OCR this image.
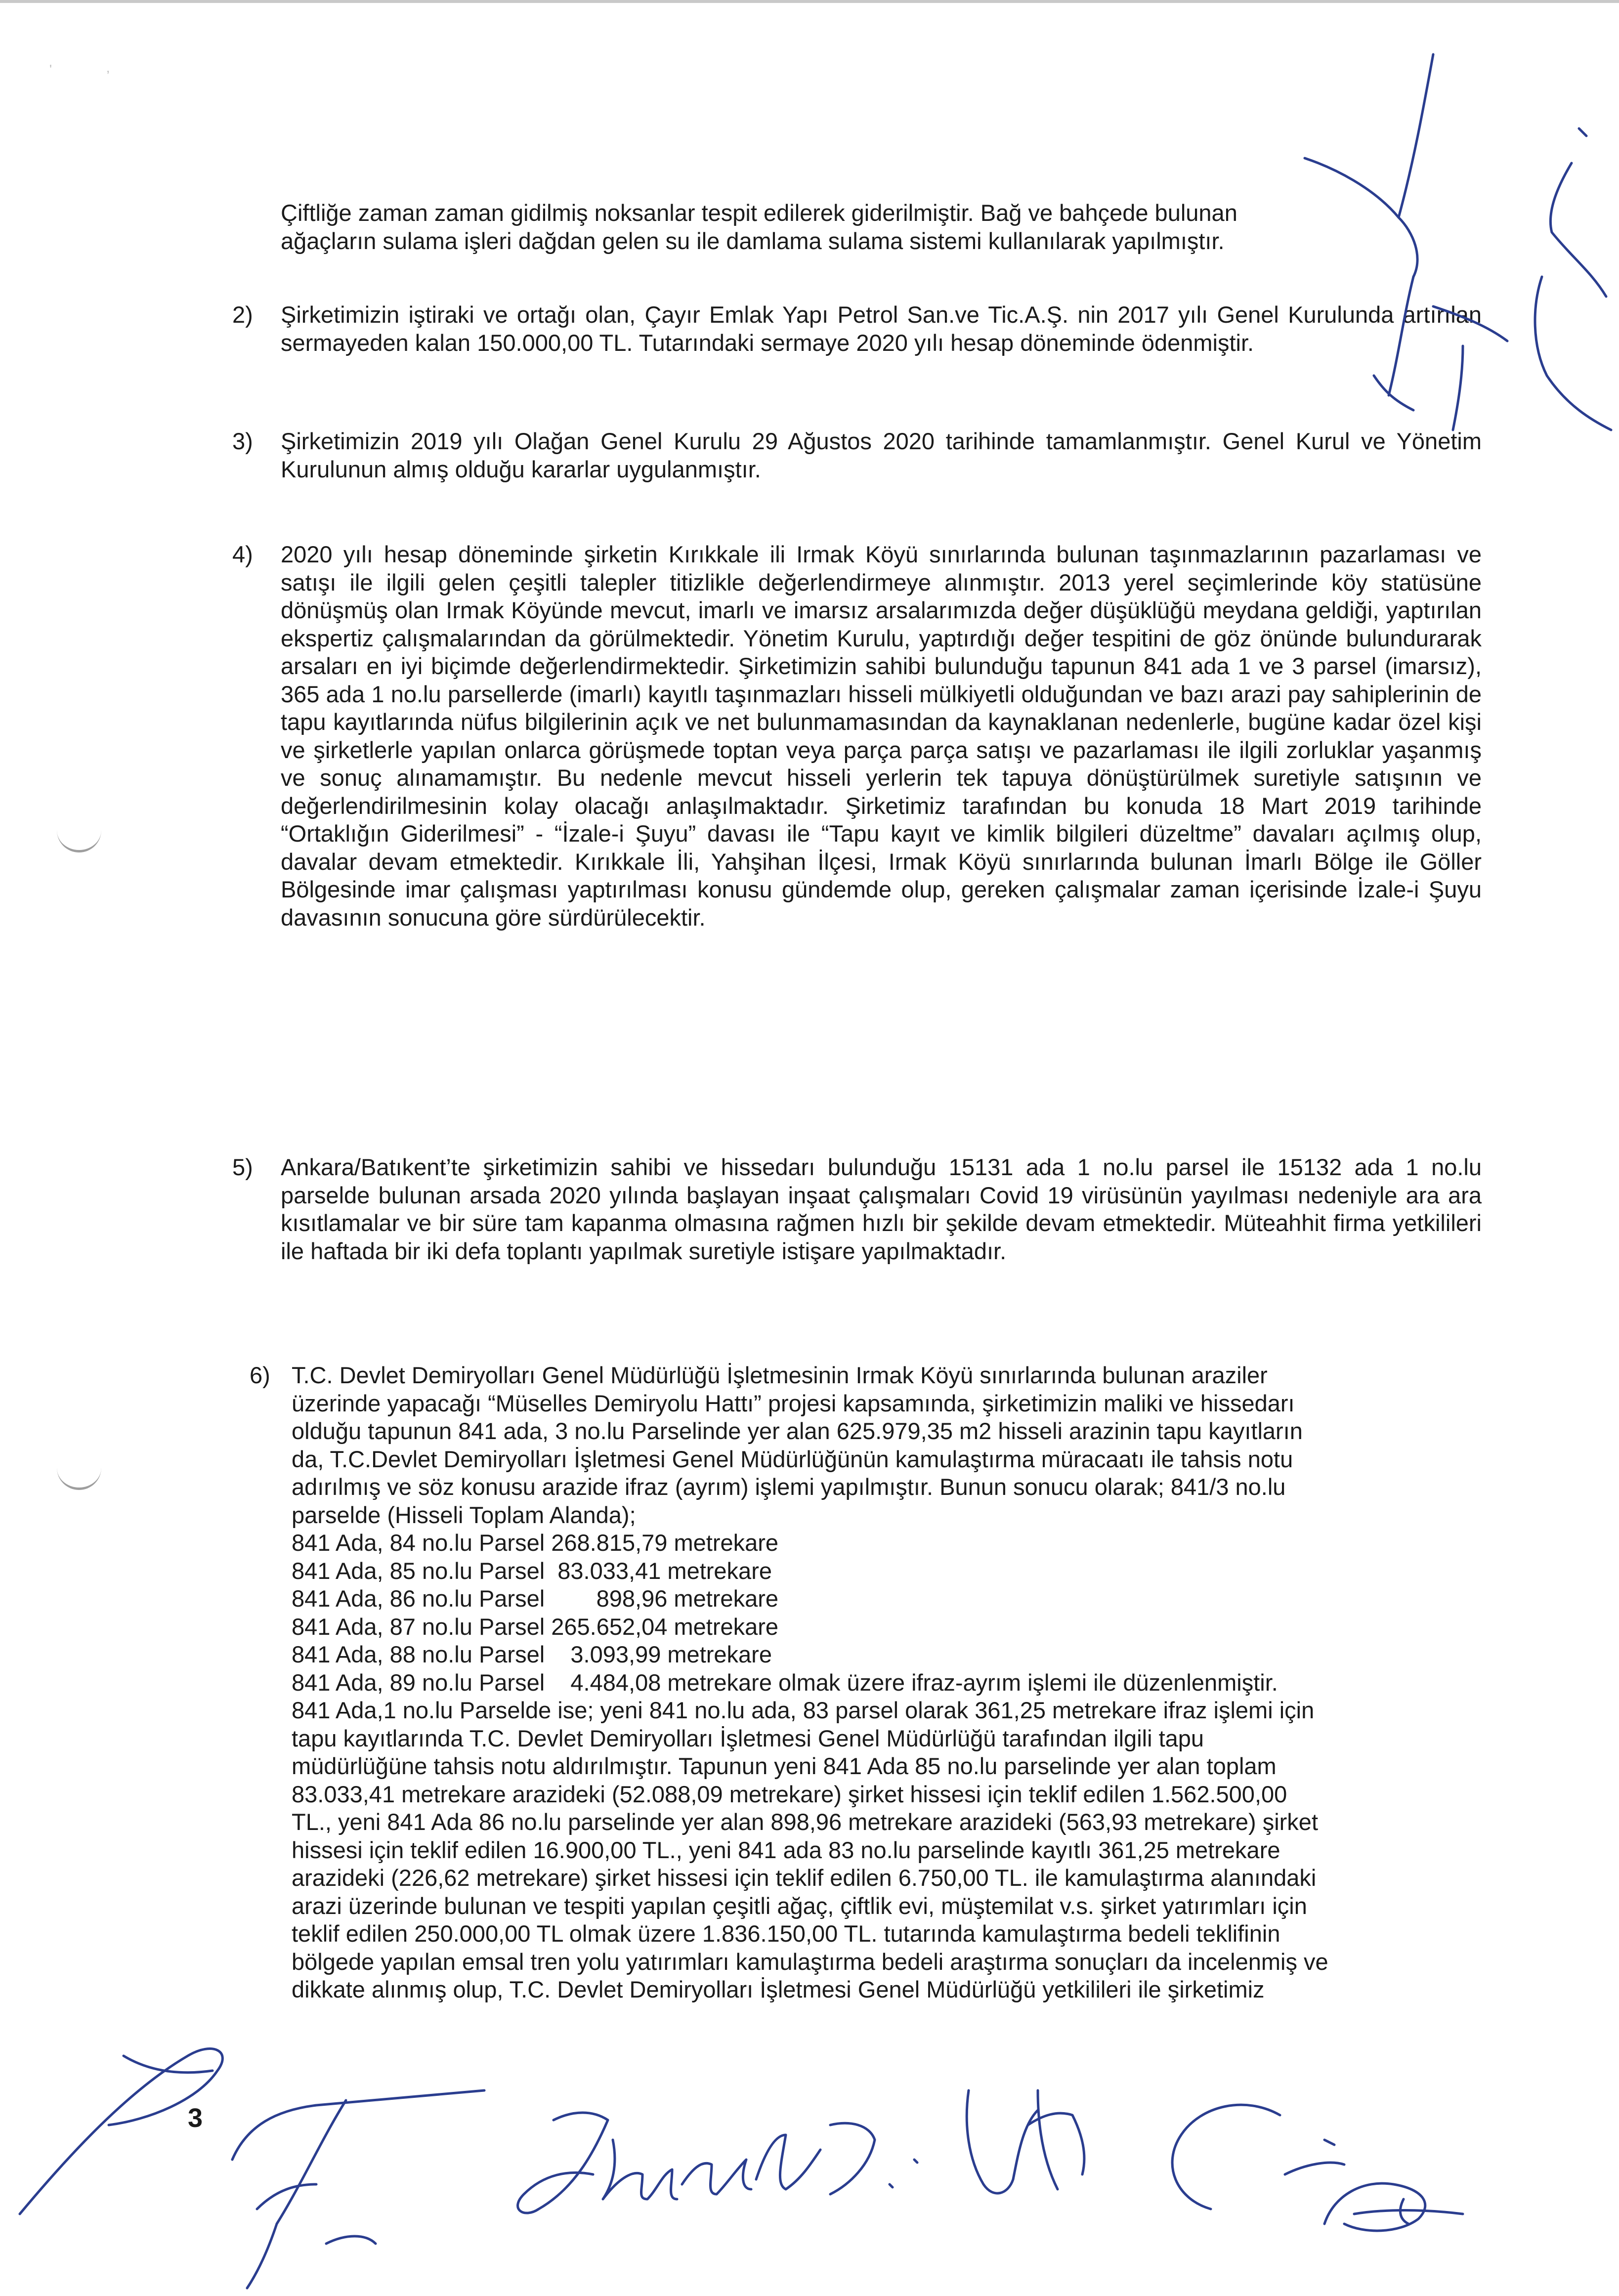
'	,
Çiftliğe zaman zaman gidilmiş noksanlar tespit edilerek giderilmiştir. Bağ ve bahçede bulunan
ağaçların sulama işleri dağdan gelen su ile damlama sulama sistemi kullanılarak yapılmıştır.
2) Şirketimizin iştiraki ve ortağı olan, Çayır Emlak Yapı Petrol San.ve Tic.A.Ş. nin 2017 yılı Genel Kurulunda artırılan sermayeden kalan 150.000,00 TL. Tutarındaki sermaye 2020 yılı hesap döneminde ödenmiştir.
3) Şirketimizin 2019 yılı Olağan Genel Kurulu 29 Ağustos 2020 tarihinde tamamlanmıştır. Genel Kurul ve Yönetim Kurulunun almış olduğu kararlar uygulanmıştır.
4) 2020 yılı hesap döneminde şirketin Kırıkkale ili Irmak Köyü sınırlarında bulunan taşınmazlarının pazarlaması ve satışı ile ilgili gelen çeşitli talepler titizlikle değerlendirmeye alınmıştır. 2013 yerel seçimlerinde köy statüsüne dönüşmüş olan Irmak Köyünde mevcut, imarlı ve imarsız arsalarımızda değer düşüklüğü meydana geldiği, yaptırılan ekspertiz çalışmalarından da görülmektedir. Yönetim Kurulu, yaptırdığı değer tespitini de göz önünde bulundurarak arsaları en iyi biçimde değerlendirmektedir. Şirketimizin sahibi bulunduğu tapunun 841 ada 1 ve 3 parsel (imarsız), 365 ada 1 no.lu parsellerde (imarlı) kayıtlı taşınmazları hisseli mülkiyetli olduğundan ve bazı arazi pay sahiplerinin de tapu kayıtlarında nüfus bilgilerinin açık ve net bulunmamasından da kaynaklanan nedenlerle, bugüne kadar özel kişi ve şirketlerle yapılan onlarca görüşmede toptan veya parça parça satışı ve pazarlaması ile ilgili zorluklar yaşanmış ve sonuç alınamamıştır. Bu nedenle mevcut hisseli yerlerin tek tapuya dönüştürülmek suretiyle satışının ve değerlendirilmesinin kolay olacağı anlaşılmaktadır. Şirketimiz tarafından bu konuda 18 Mart 2019 tarihinde “Ortaklığın Giderilmesi” - “İzale-i Şuyu” davası ile “Tapu kayıt ve kimlik bilgileri düzeltme” davaları açılmış olup, davalar devam etmektedir. Kırıkkale İli, Yahşihan İlçesi, Irmak Köyü sınırlarında bulunan İmarlı Bölge ile Göller Bölgesinde imar çalışması yaptırılması konusu gündemde olup, gereken çalışmalar zaman içerisinde İzale-i Şuyu davasının sonucuna göre sürdürülecektir.
5) Ankara/Batıkent’te şirketimizin sahibi ve hissedarı bulunduğu 15131 ada 1 no.lu parsel ile 15132 ada 1 no.lu parselde bulunan arsada 2020 yılında başlayan inşaat çalışmaları Covid 19 virüsünün yayılması nedeniyle ara ara kısıtlamalar ve bir süre tam kapanma olmasına rağmen hızlı bir şekilde devam etmektedir. Müteahhit firma yetkilileri ile haftada bir iki defa toplantı yapılmak suretiyle istişare yapılmaktadır.
6) T.C. Devlet Demiryolları Genel Müdürlüğü İşletmesinin Irmak Köyü sınırlarında bulunan araziler
üzerinde yapacağı “Müselles Demiryolu Hattı” projesi kapsamında, şirketimizin maliki ve hissedarı
olduğu tapunun 841 ada, 3 no.lu Parselinde yer alan 625.979,35 m2 hisseli arazinin tapu kayıtların
da, T.C.Devlet Demiryolları İşletmesi Genel Müdürlüğünün kamulaştırma müracaatı ile tahsis notu
adırılmış ve söz konusu arazide ifraz (ayrım) işlemi yapılmıştır. Bunun sonucu olarak; 841/3 no.lu
parselde (Hisseli Toplam Alanda);
841 Ada, 84 no.lu Parsel 268.815,79 metrekare
841 Ada, 85 no.lu Parsel  83.033,41 metrekare
841 Ada, 86 no.lu Parsel        898,96 metrekare
841 Ada, 87 no.lu Parsel 265.652,04 metrekare
841 Ada, 88 no.lu Parsel    3.093,99 metrekare
841 Ada, 89 no.lu Parsel    4.484,08 metrekare olmak üzere ifraz-ayrım işlemi ile düzenlenmiştir.
841 Ada,1 no.lu Parselde ise; yeni 841 no.lu ada, 83 parsel olarak 361,25 metrekare ifraz işlemi için
tapu kayıtlarında T.C. Devlet Demiryolları İşletmesi Genel Müdürlüğü tarafından ilgili tapu
müdürlüğüne tahsis notu aldırılmıştır. Tapunun yeni 841 Ada 85 no.lu parselinde yer alan toplam
83.033,41 metrekare arazideki (52.088,09 metrekare) şirket hissesi için teklif edilen 1.562.500,00
TL., yeni 841 Ada 86 no.lu parselinde yer alan 898,96 metrekare arazideki (563,93 metrekare) şirket
hissesi için teklif edilen 16.900,00 TL., yeni 841 ada 83 no.lu parselinde kayıtlı 361,25 metrekare
arazideki (226,62 metrekare) şirket hissesi için teklif edilen 6.750,00 TL. ile kamulaştırma alanındaki
arazi üzerinde bulunan ve tespiti yapılan çeşitli ağaç, çiftlik evi, müştemilat v.s. şirket yatırımları için
teklif edilen 250.000,00 TL olmak üzere 1.836.150,00 TL. tutarında kamulaştırma bedeli teklifinin
bölgede yapılan emsal tren yolu yatırımları kamulaştırma bedeli araştırma sonuçları da incelenmiş ve
dikkate alınmış olup, T.C. Devlet Demiryolları İşletmesi Genel Müdürlüğü yetkilileri ile şirketimiz
3
